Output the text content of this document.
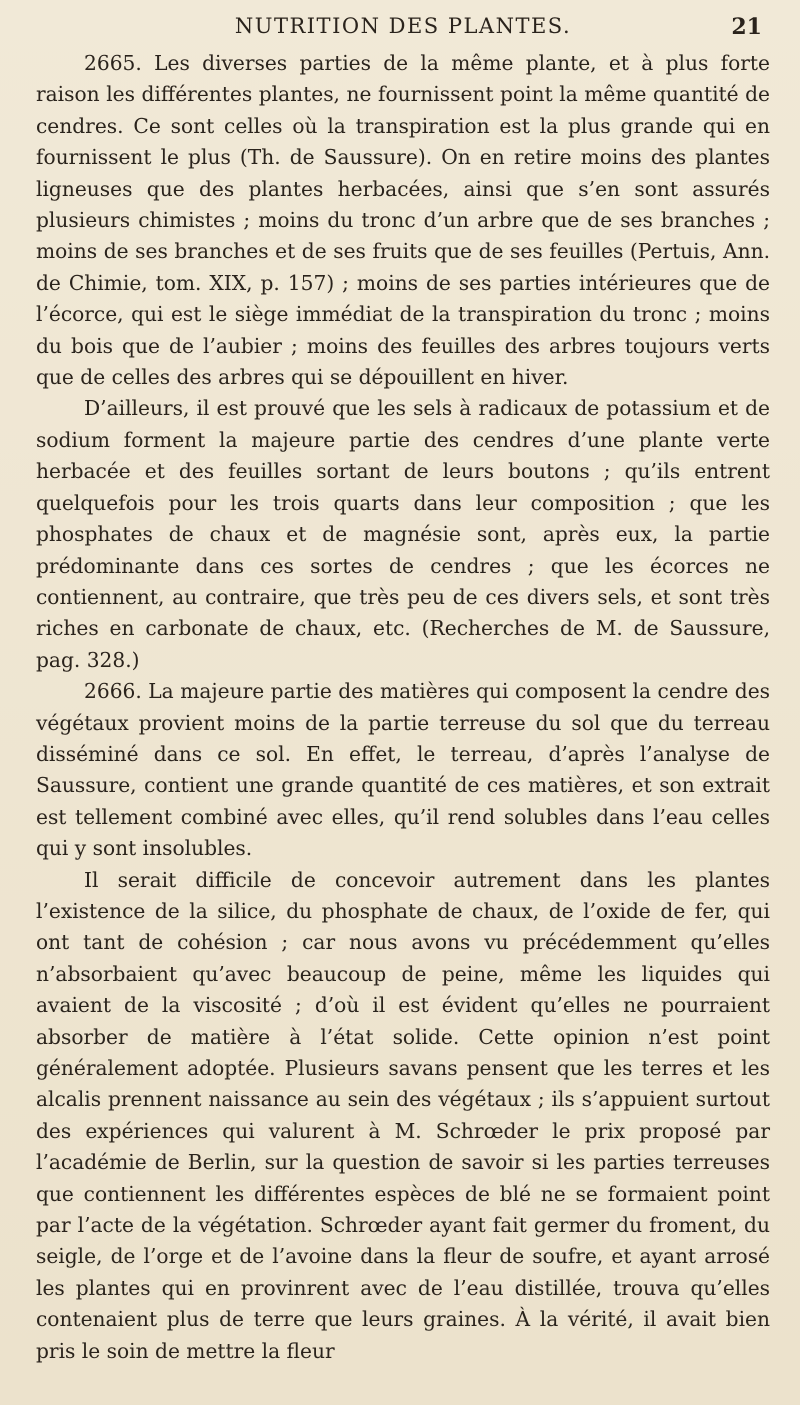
NUTRITION DES PLANTES.	21

2665. Les diverses parties de la même plante, et à plus forte raison les différentes plantes, ne fournissent point la même quantité de cendres. Ce sont celles où la transpiration est la plus grande qui en fournissent le plus (Th. de Saussure). On en retire moins des plantes ligneuses que des plantes herbacées, ainsi que s’en sont assurés plusieurs chimistes ; moins du tronc d’un arbre que de ses branches ; moins de ses branches et de ses fruits que de ses feuilles (Pertuis, Ann. de Chimie, tom. XIX, p. 157) ; moins de ses parties intérieures que de l’écorce, qui est le siège immédiat de la transpiration du tronc ; moins du bois que de l’aubier ; moins des feuilles des arbres toujours verts que de celles des arbres qui se dépouillent en hiver.

D’ailleurs, il est prouvé que les sels à radicaux de potassium et de sodium forment la majeure partie des cendres d’une plante verte herbacée et des feuilles sortant de leurs boutons ; qu’ils entrent quelquefois pour les trois quarts dans leur composition ; que les phosphates de chaux et de magnésie sont, après eux, la partie prédominante dans ces sortes de cendres ; que les écorces ne contiennent, au contraire, que très peu de ces divers sels, et sont très riches en carbonate de chaux, etc. (Recherches de M. de Saussure, pag. 328.)

2666. La majeure partie des matières qui composent la cendre des végétaux provient moins de la partie terreuse du sol que du terreau disséminé dans ce sol. En effet, le terreau, d’après l’analyse de Saussure, contient une grande quantité de ces matières, et son extrait est tellement combiné avec elles, qu’il rend solubles dans l’eau celles qui y sont insolubles.

Il serait difficile de concevoir autrement dans les plantes l’existence de la silice, du phosphate de chaux, de l’oxide de fer, qui ont tant de cohésion ; car nous avons vu précédemment qu’elles n’absorbaient qu’avec beaucoup de peine, même les liquides qui avaient de la viscosité ; d’où il est évident qu’elles ne pourraient absorber de matière à l’état solide. Cette opinion n’est point généralement adoptée. Plusieurs savans pensent que les terres et les alcalis prennent naissance au sein des végétaux ; ils s’appuient surtout des expériences qui valurent à M. Schrœder le prix proposé par l’académie de Berlin, sur la question de savoir si les parties terreuses que contiennent les différentes espèces de blé ne se formaient point par l’acte de la végétation. Schrœder ayant fait germer du froment, du seigle, de l’orge et de l’avoine dans la fleur de soufre, et ayant arrosé les plantes qui en provinrent avec de l’eau distillée, trouva qu’elles contenaient plus de terre que leurs graines. À la vérité, il avait bien pris le soin de mettre la fleur
